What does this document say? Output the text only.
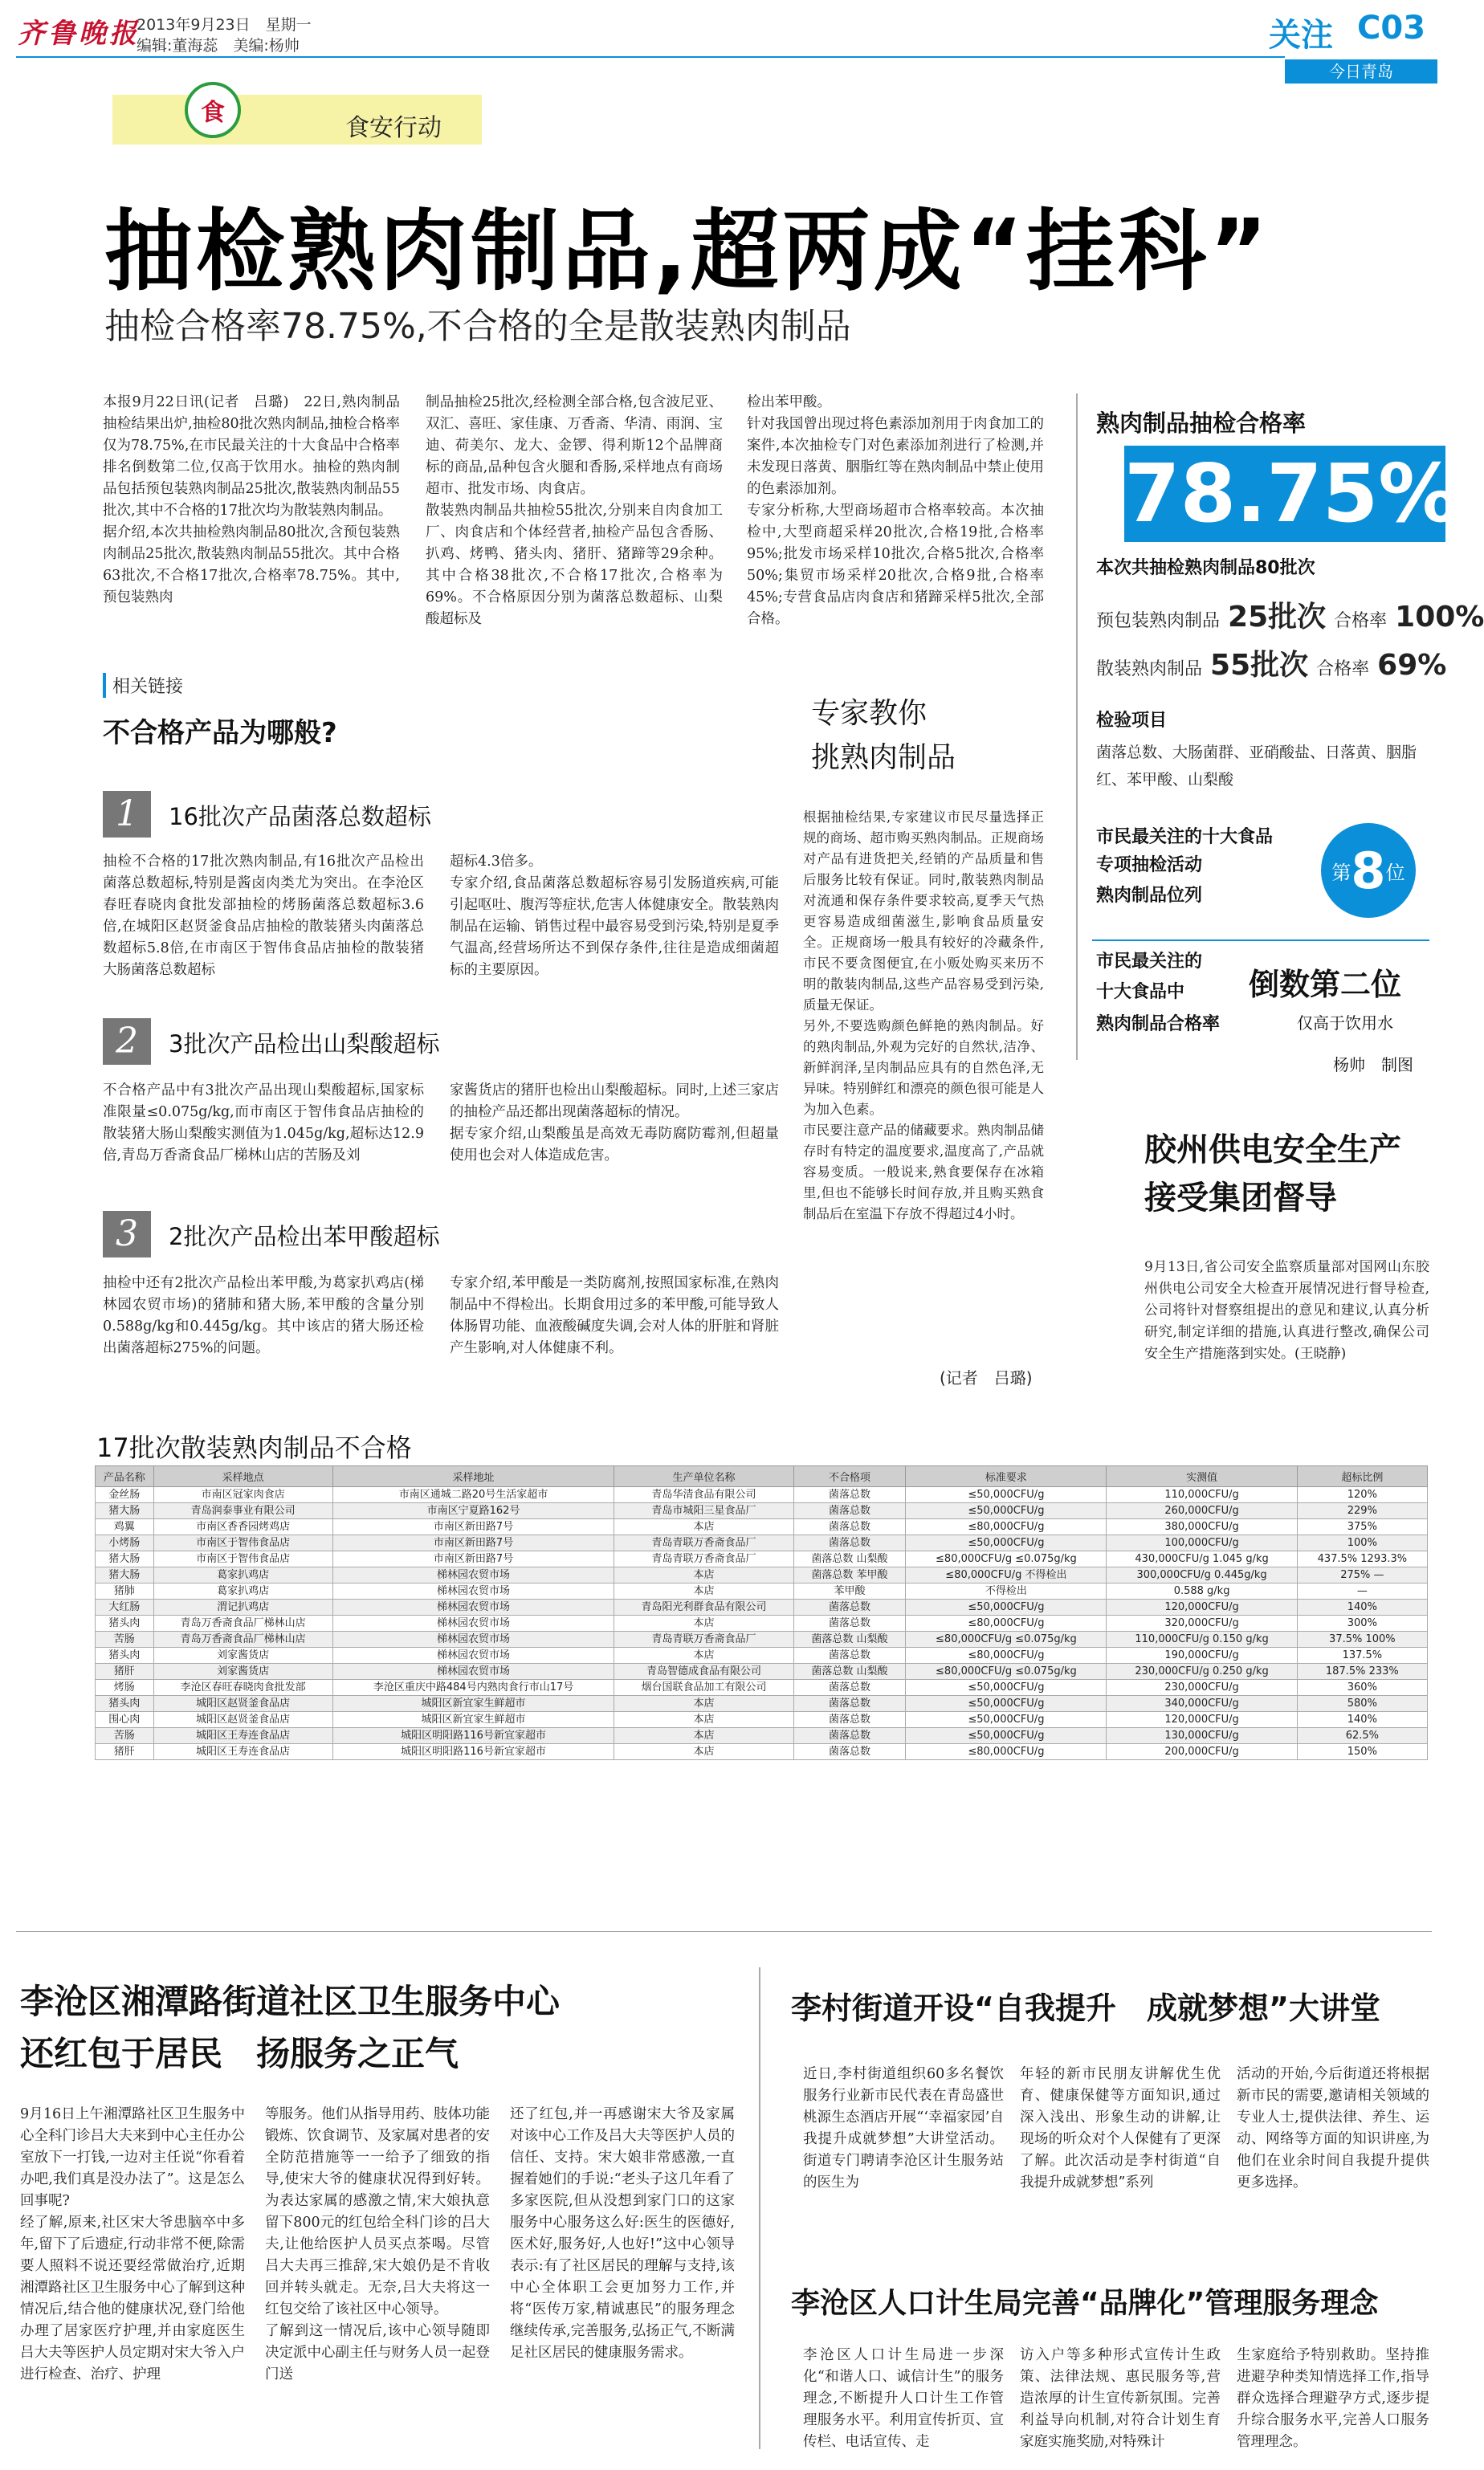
齐鲁晚报
2013年9月23日　星期一
编辑:董海蕊　美编:杨帅	关注 C03
今日青岛
食
食安行动
抽检熟肉制品,超两成“挂科”
抽检合格率78.75%,不合格的全是散装熟肉制品
本报9月22日讯(记者　吕璐)　22日,熟肉制品抽检结果出炉,抽检80批次熟肉制品,抽检合格率仅为78.75%,在市民最关注的十大食品中合格率排名倒数第二位,仅高于饮用水。抽检的熟肉制品包括预包装熟肉制品25批次,散装熟肉制品55批次,其中不合格的17批次均为散装熟肉制品。
据介绍,本次共抽检熟肉制品80批次,含预包装熟肉制品25批次,散装熟肉制品55批次。其中合格63批次,不合格17批次,合格率78.75%。其中,预包装熟肉
制品抽检25批次,经检测全部合格,包含波尼亚、双汇、喜旺、家佳康、万香斋、华清、雨润、宝迪、荷美尔、龙大、金锣、得利斯12个品牌商标的商品,品种包含火腿和香肠,采样地点有商场超市、批发市场、肉食店。
散装熟肉制品共抽检55批次,分别来自肉食加工厂、肉食店和个体经营者,抽检产品包含香肠、扒鸡、烤鸭、猪头肉、猪肝、猪蹄等29余种。其中合格38批次,不合格17批次,合格率为69%。不合格原因分别为菌落总数超标、山梨酸超标及
检出苯甲酸。
针对我国曾出现过将色素添加剂用于肉食加工的案件,本次抽检专门对色素添加剂进行了检测,并未发现日落黄、胭脂红等在熟肉制品中禁止使用的色素添加剂。
专家分析称,大型商场超市合格率较高。本次抽检中,大型商超采样20批次,合格19批,合格率95%;批发市场采样10批次,合格5批次,合格率50%;集贸市场采样20批次,合格9批,合格率45%;专营食品店肉食店和猪蹄采样5批次,全部合格。
相关链接
不合格产品为哪般?
1	16批次产品菌落总数超标
抽检不合格的17批次熟肉制品,有16批次产品检出菌落总数超标,特别是酱卤肉类尤为突出。在李沧区春旺春晓肉食批发部抽检的烤肠菌落总数超标3.6倍,在城阳区赵贤釜食品店抽检的散装猪头肉菌落总数超标5.8倍,在市南区于智伟食品店抽检的散装猪大肠菌落总数超标
超标4.3倍多。
专家介绍,食品菌落总数超标容易引发肠道疾病,可能引起呕吐、腹泻等症状,危害人体健康安全。散装熟肉制品在运输、销售过程中最容易受到污染,特别是夏季气温高,经营场所达不到保存条件,往往是造成细菌超标的主要原因。
2	3批次产品检出山梨酸超标
不合格产品中有3批次产品出现山梨酸超标,国家标准限量≤0.075g/kg,而市南区于智伟食品店抽检的散装猪大肠山梨酸实测值为1.045g/kg,超标达12.9倍,青岛万香斋食品厂梯林山店的苦肠及刘
家酱货店的猪肝也检出山梨酸超标。同时,上述三家店的抽检产品还都出现菌落超标的情况。
据专家介绍,山梨酸虽是高效无毒防腐防霉剂,但超量使用也会对人体造成危害。
3	2批次产品检出苯甲酸超标
抽检中还有2批次产品检出苯甲酸,为葛家扒鸡店(梯林园农贸市场)的猪肺和猪大肠,苯甲酸的含量分别0.588g/kg和0.445g/kg。其中该店的猪大肠还检出菌落超标275%的问题。
专家介绍,苯甲酸是一类防腐剂,按照国家标准,在熟肉制品中不得检出。长期食用过多的苯甲酸,可能导致人体肠胃功能、血液酸碱度失调,会对人体的肝脏和肾脏产生影响,对人体健康不利。
专家教你
挑熟肉制品
根据抽检结果,专家建议市民尽量选择正规的商场、超市购买熟肉制品。正规商场对产品有进货把关,经销的产品质量和售后服务比较有保证。同时,散装熟肉制品对流通和保存条件要求较高,夏季天气热更容易造成细菌滋生,影响食品质量安全。正规商场一般具有较好的冷藏条件,市民不要贪图便宜,在小贩处购买来历不明的散装肉制品,这些产品容易受到污染,质量无保证。
另外,不要选购颜色鲜艳的熟肉制品。好的熟肉制品,外观为完好的自然状,洁净、新鲜润泽,呈肉制品应具有的自然色泽,无异味。特别鲜红和漂亮的颜色很可能是人为加入色素。
市民要注意产品的储藏要求。熟肉制品储存时有特定的温度要求,温度高了,产品就容易变质。一般说来,熟食要保存在冰箱里,但也不能够长时间存放,并且购买熟食制品后在室温下存放不得超过4小时。
(记者　吕璐)
熟肉制品抽检合格率
78.75%
本次共抽检熟肉制品80批次
预包装熟肉制品 25批次 合格率 100%
散装熟肉制品 55批次 合格率 69%
检验项目
菌落总数、大肠菌群、亚硝酸盐、日落黄、胭脂红、苯甲酸、山梨酸
市民最关注的十大食品
专项抽检活动
熟肉制品位列
第 8 位
市民最关注的
十大食品中
熟肉制品合格率
倒数第二位
仅高于饮用水
杨帅　制图
胶州供电安全生产
接受集团督导
9月13日,省公司安全监察质量部对国网山东胶州供电公司安全大检查开展情况进行督导检查,公司将针对督察组提出的意见和建议,认真分析研究,制定详细的措施,认真进行整改,确保公司安全生产措施落到实处。(王晓静)
17批次散装熟肉制品不合格
产品名称	采样地点	采样地址	生产单位名称	不合格项	标准要求	实测值	超标比例
金丝肠	市南区冠家肉食店	市南区通城二路20号生活家超市	青岛华清食品有限公司	菌落总数	≤50,000CFU/g	110,000CFU/g	120%
猪大肠	青岛润泰事业有限公司	市南区宁夏路162号	青岛市城阳三星食品厂	菌落总数	≤50,000CFU/g	260,000CFU/g	229%
鸡翼	市南区香香园烤鸡店	市南区新田路7号	本店	菌落总数	≤80,000CFU/g	380,000CFU/g	375%
小烤肠	市南区于智伟食品店	市南区新田路7号	青岛青联万香斋食品厂	菌落总数	≤50,000CFU/g	100,000CFU/g	100%
猪大肠	市南区于智伟食品店	市南区新田路7号	青岛青联万香斋食品厂	菌落总数 山梨酸	≤80,000CFU/g ≤0.075g/kg	430,000CFU/g 1.045 g/kg	437.5% 1293.3%
猪大肠	葛家扒鸡店	梯林园农贸市场	本店	菌落总数 苯甲酸	≤80,000CFU/g 不得检出	300,000CFU/g 0.445g/kg	275% —
猪肺	葛家扒鸡店	梯林园农贸市场	本店	苯甲酸	不得检出	0.588 g/kg	—
大红肠	渭记扒鸡店	梯林园农贸市场	青岛阳光利群食品有限公司	菌落总数	≤50,000CFU/g	120,000CFU/g	140%
猪头肉	青岛万香斋食品厂梯林山店	梯林园农贸市场	本店	菌落总数	≤80,000CFU/g	320,000CFU/g	300%
苦肠	青岛万香斋食品厂梯林山店	梯林园农贸市场	青岛青联万香斋食品厂	菌落总数 山梨酸	≤80,000CFU/g ≤0.075g/kg	110,000CFU/g 0.150 g/kg	37.5% 100%
猪头肉	刘家酱货店	梯林园农贸市场	本店	菌落总数	≤80,000CFU/g	190,000CFU/g	137.5%
猪肝	刘家酱货店	梯林园农贸市场	青岛智德成食品有限公司	菌落总数 山梨酸	≤80,000CFU/g ≤0.075g/kg	230,000CFU/g 0.250 g/kg	187.5% 233%
烤肠	李沧区春旺春晓肉食批发部	李沧区重庆中路484号内熟肉食行市山17号	烟台国联食品加工有限公司	菌落总数	≤50,000CFU/g	230,000CFU/g	360%
猪头肉	城阳区赵贤釜食品店	城阳区新宜家生鲜超市	本店	菌落总数	≤50,000CFU/g	340,000CFU/g	580%
围心肉	城阳区赵贤釜食品店	城阳区新宜家生鲜超市	本店	菌落总数	≤50,000CFU/g	120,000CFU/g	140%
苦肠	城阳区王寿连食品店	城阳区明阳路116号新宜家超市	本店	菌落总数	≤50,000CFU/g	130,000CFU/g	62.5%
猪肝	城阳区王寿连食品店	城阳区明阳路116号新宜家超市	本店	菌落总数	≤80,000CFU/g	200,000CFU/g	150%
李沧区湘潭路街道社区卫生服务中心
还红包于居民　扬服务之正气
9月16日上午湘潭路社区卫生服务中心全科门诊吕大夫来到中心主任办公室放下一打钱,一边对主任说“你看着办吧,我们真是没办法了”。这是怎么回事呢?
经了解,原来,社区宋大爷患脑卒中多年,留下了后遗症,行动非常不便,除需要人照料不说还要经常做治疗,近期湘潭路社区卫生服务中心了解到这种情况后,结合他的健康状况,登门给他办理了居家医疗护理,并由家庭医生吕大夫等医护人员定期对宋大爷入户进行检查、治疗、护理
等服务。他们从指导用药、肢体功能锻炼、饮食调节、及家属对患者的安全防范措施等一一给予了细致的指导,使宋大爷的健康状况得到好转。为表达家属的感激之情,宋大娘执意留下800元的红包给全科门诊的吕大夫,让他给医护人员买点茶喝。尽管吕大夫再三推辞,宋大娘仍是不肯收回并转头就走。无奈,吕大夫将这一红包交给了该社区中心领导。
了解到这一情况后,该中心领导随即决定派中心副主任与财务人员一起登门送
还了红包,并一再感谢宋大爷及家属对该中心工作及吕大夫等医护人员的信任、支持。宋大娘非常感激,一直握着她们的手说:“老头子这几年看了多家医院,但从没想到家门口的这家服务中心服务这么好:医生的医德好,医术好,服务好,人也好!”这中心领导表示:有了社区居民的理解与支持,该中心全体职工会更加努力工作,并将“医传万家,精诚惠民”的服务理念继续传承,完善服务,弘扬正气,不断满足社区居民的健康服务需求。
李村街道开设“自我提升　成就梦想”大讲堂
近日,李村街道组织60多名餐饮服务行业新市民代表在青岛盛世桃源生态酒店开展“‘幸福家园’自我提升成就梦想”大讲堂活动。街道专门聘请李沧区计生服务站的医生为
年轻的新市民朋友讲解优生优育、健康保健等方面知识,通过深入浅出、形象生动的讲解,让现场的听众对个人保健有了更深了解。此次活动是李村街道“自我提升成就梦想”系列
活动的开始,今后街道还将根据新市民的需要,邀请相关领域的专业人士,提供法律、养生、运动、网络等方面的知识讲座,为他们在业余时间自我提升提供更多选择。
李沧区人口计生局完善“品牌化”管理服务理念
李沧区人口计生局进一步深化“和谐人口、诚信计生”的服务理念,不断提升人口计生工作管理服务水平。利用宣传折页、宣传栏、电话宣传、走
访入户等多种形式宣传计生政策、法律法规、惠民服务等,营造浓厚的计生宣传新氛围。完善利益导向机制,对符合计划生育家庭实施奖励,对特殊计
生家庭给予特别救助。坚持推进避孕种类知情选择工作,指导群众选择合理避孕方式,逐步提升综合服务水平,完善人口服务管理理念。
